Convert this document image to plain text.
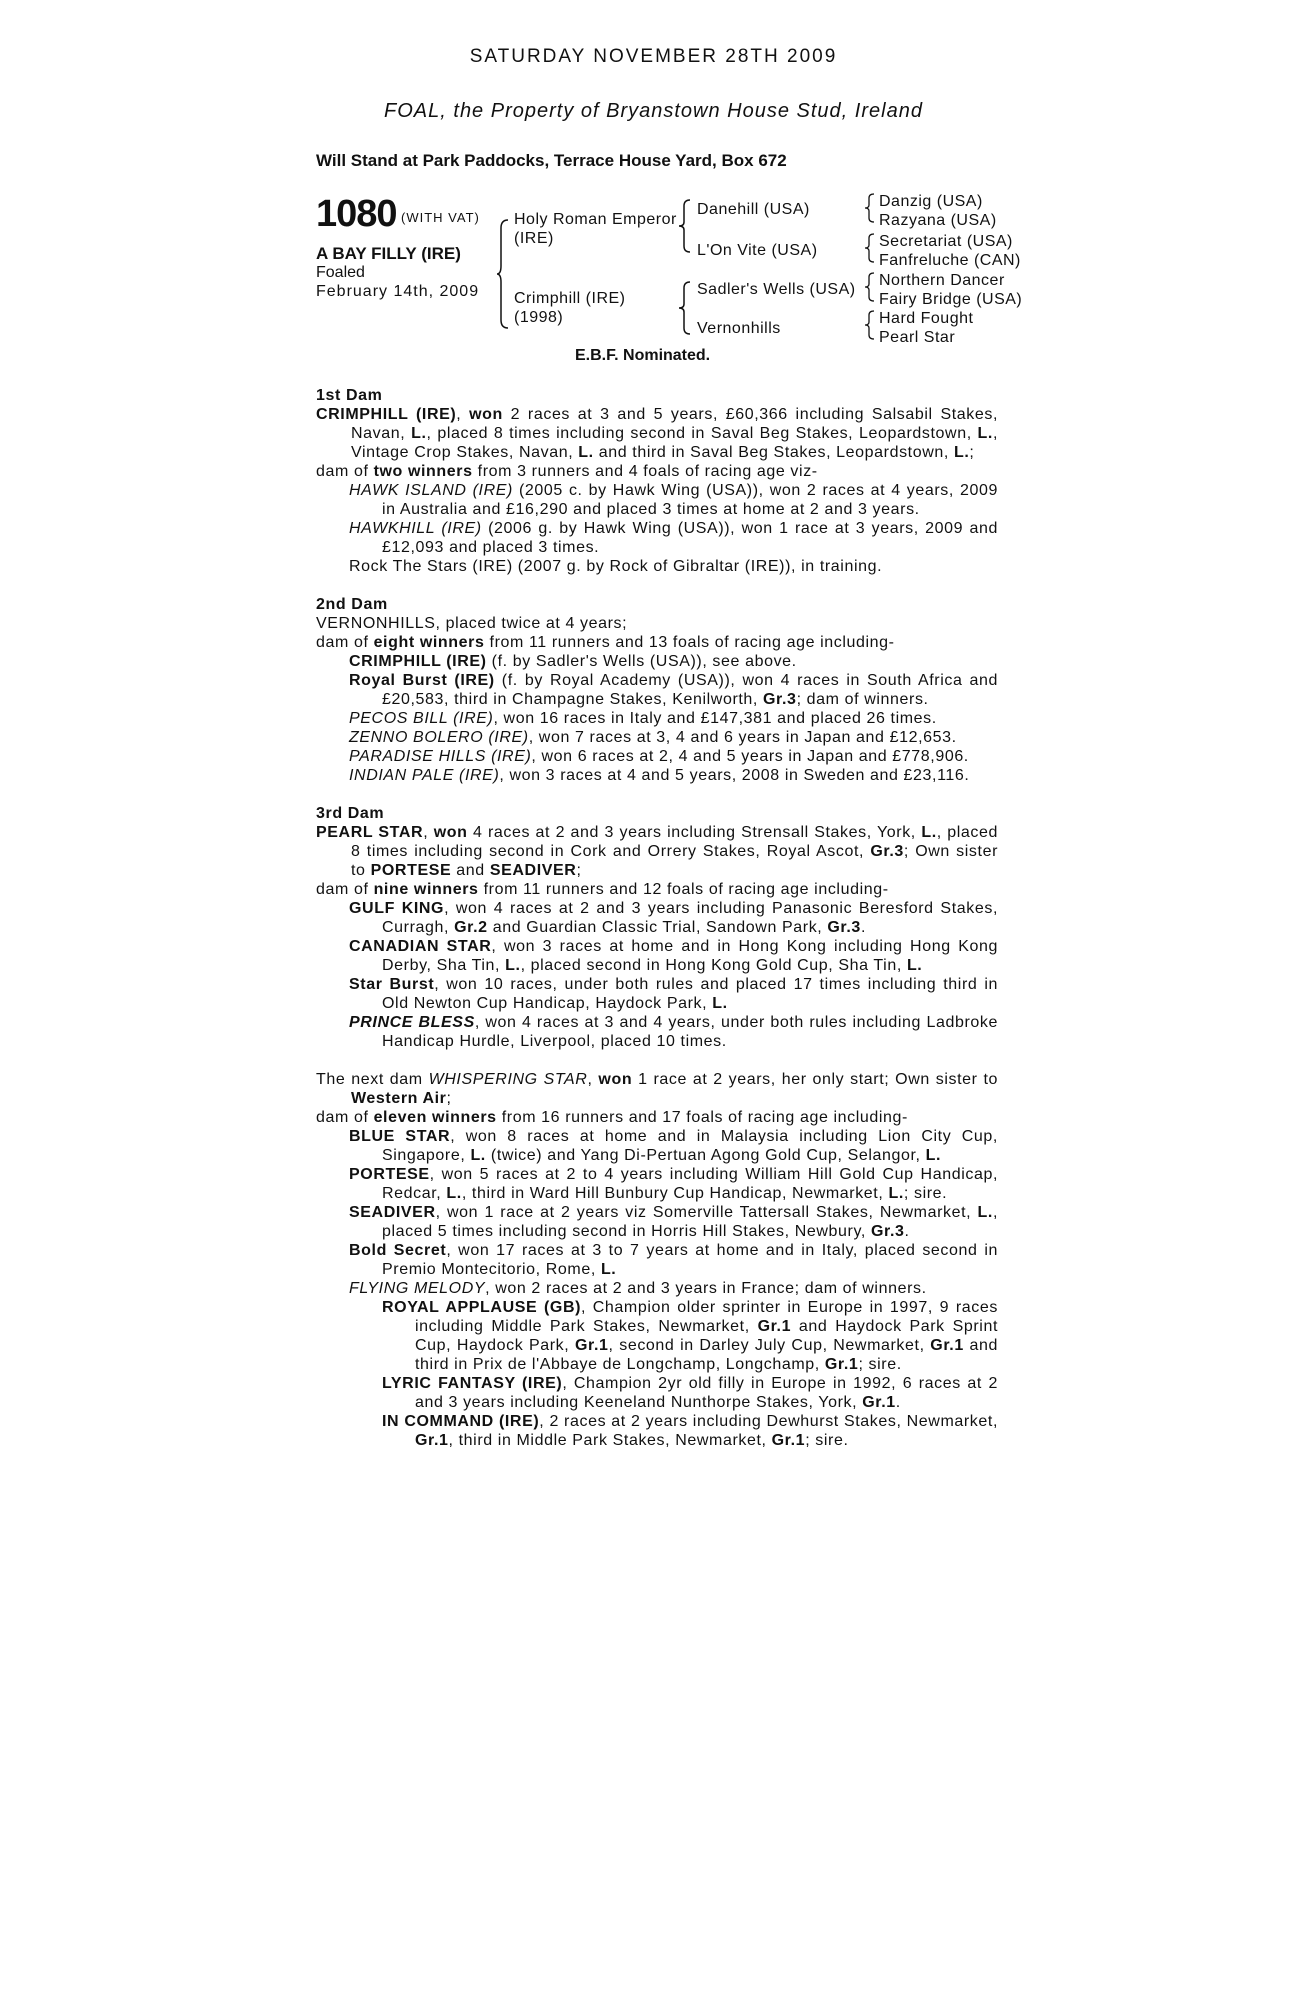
SATURDAY NOVEMBER 28TH 2009
FOAL, the Property of Bryanstown House Stud, Ireland
Will Stand at Park Paddocks, Terrace House Yard, Box 672
1080 (WITH VAT)
A BAY FILLY (IRE)
Foaled
February 14th, 2009
Holy Roman Emperor
(IRE)
Crimphill (IRE)
(1998)
Danehill (USA)
L'On Vite (USA)
Sadler's Wells (USA)
Vernonhills
Danzig (USA)
Razyana (USA)
Secretariat (USA)
Fanfreluche (CAN)
Northern Dancer
Fairy Bridge (USA)
Hard Fought
Pearl Star
E.B.F. Nominated.

1st Dam

CRIMPHILL (IRE), won 2 races at 3 and 5 years, £60,366 including Salsabil Stakes, Navan, L., placed 8 times including second in Saval Beg Stakes, Leopardstown, L., Vintage Crop Stakes, Navan, L. and third in Saval Beg Stakes, Leopardstown, L.;

dam of two winners from 3 runners and 4 foals of racing age viz-

HAWK ISLAND (IRE) (2005 c. by Hawk Wing (USA)), won 2 races at 4 years, 2009 in Australia and £16,290 and placed 3 times at home at 2 and 3 years.

HAWKHILL (IRE) (2006 g. by Hawk Wing (USA)), won 1 race at 3 years, 2009 and £12,093 and placed 3 times.

Rock The Stars (IRE) (2007 g. by Rock of Gibraltar (IRE)), in training.

2nd Dam

VERNONHILLS, placed twice at 4 years;

dam of eight winners from 11 runners and 13 foals of racing age including-

CRIMPHILL (IRE) (f. by Sadler's Wells (USA)), see above.

Royal Burst (IRE) (f. by Royal Academy (USA)), won 4 races in South Africa and £20,583, third in Champagne Stakes, Kenilworth, Gr.3; dam of winners.

PECOS BILL (IRE), won 16 races in Italy and £147,381 and placed 26 times.

ZENNO BOLERO (IRE), won 7 races at 3, 4 and 6 years in Japan and £12,653.

PARADISE HILLS (IRE), won 6 races at 2, 4 and 5 years in Japan and £778,906.

INDIAN PALE (IRE), won 3 races at 4 and 5 years, 2008 in Sweden and £23,116.

3rd Dam

PEARL STAR, won 4 races at 2 and 3 years including Strensall Stakes, York, L., placed 8 times including second in Cork and Orrery Stakes, Royal Ascot, Gr.3; Own sister to PORTESE and SEADIVER;

dam of nine winners from 11 runners and 12 foals of racing age including-

GULF KING, won 4 races at 2 and 3 years including Panasonic Beresford Stakes, Curragh, Gr.2 and Guardian Classic Trial, Sandown Park, Gr.3.

CANADIAN STAR, won 3 races at home and in Hong Kong including Hong Kong Derby, Sha Tin, L., placed second in Hong Kong Gold Cup, Sha Tin, L.

Star Burst, won 10 races, under both rules and placed 17 times including third in Old Newton Cup Handicap, Haydock Park, L.

PRINCE BLESS, won 4 races at 3 and 4 years, under both rules including Ladbroke Handicap Hurdle, Liverpool, placed 10 times.

The next dam WHISPERING STAR, won 1 race at 2 years, her only start; Own sister to Western Air;

dam of eleven winners from 16 runners and 17 foals of racing age including-

BLUE STAR, won 8 races at home and in Malaysia including Lion City Cup, Singapore, L. (twice) and Yang Di-Pertuan Agong Gold Cup, Selangor, L.

PORTESE, won 5 races at 2 to 4 years including William Hill Gold Cup Handicap, Redcar, L., third in Ward Hill Bunbury Cup Handicap, Newmarket, L.; sire.

SEADIVER, won 1 race at 2 years viz Somerville Tattersall Stakes, Newmarket, L., placed 5 times including second in Horris Hill Stakes, Newbury, Gr.3.

Bold Secret, won 17 races at 3 to 7 years at home and in Italy, placed second in Premio Montecitorio, Rome, L.

FLYING MELODY, won 2 races at 2 and 3 years in France; dam of winners.

ROYAL APPLAUSE (GB), Champion older sprinter in Europe in 1997, 9 races including Middle Park Stakes, Newmarket, Gr.1 and Haydock Park Sprint Cup, Haydock Park, Gr.1, second in Darley July Cup, Newmarket, Gr.1 and third in Prix de l'Abbaye de Longchamp, Longchamp, Gr.1; sire.

LYRIC FANTASY (IRE), Champion 2yr old filly in Europe in 1992, 6 races at 2 and 3 years including Keeneland Nunthorpe Stakes, York, Gr.1.

IN COMMAND (IRE), 2 races at 2 years including Dewhurst Stakes, Newmarket, Gr.1, third in Middle Park Stakes, Newmarket, Gr.1; sire.
